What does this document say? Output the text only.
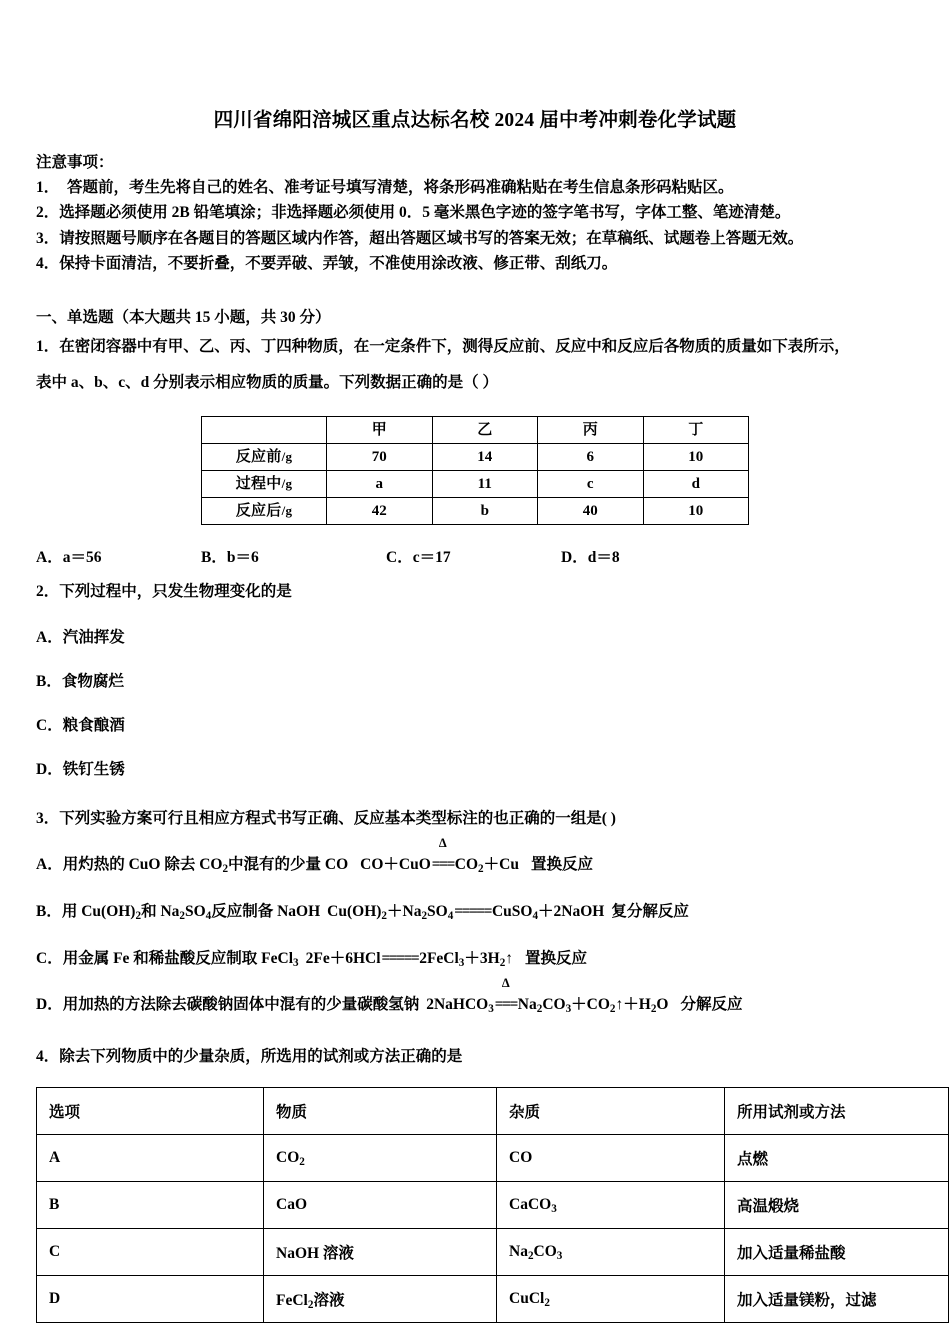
四川省绵阳涪城区重点达标名校 2024 届中考冲刺卷化学试题
注意事项：
1．  答题前，考生先将自己的姓名、准考证号填写清楚，将条形码准确粘贴在考生信息条形码粘贴区。
2．选择题必须使用 2B 铅笔填涂；非选择题必须使用 0．5 毫米黑色字迹的签字笔书写，字体工整、笔迹清楚。
3．请按照题号顺序在各题目的答题区域内作答，超出答题区域书写的答案无效；在草稿纸、试题卷上答题无效。
4．保持卡面清洁，不要折叠，不要弄破、弄皱，不准使用涂改液、修正带、刮纸刀。
一、单选题（本大题共 15 小题，共 30 分）
1．在密闭容器中有甲、乙、丙、丁四种物质，在一定条件下，测得反应前、反应中和反应后各物质的质量如下表所示，
表中 a、b、c、d 分别表示相应物质的质量。下列数据正确的是（ ）
	甲	乙	丙	丁
反应前/g	70	14	6	10
过程中/g	a	11	c	d
反应后/g	42	b	40	10
A．a＝56	B．b＝6	C．c＝17	D．d＝8
2．下列过程中，只发生物理变化的是
A．汽油挥发
B．食物腐烂
C．粮食酿酒
D．铁钉生锈
3．下列实验方案可行且相应方程式书写正确、反应基本类型标注的也正确的一组是( )
A．用灼热的 CuO 除去 $CO_2$中混有的少量 CO CO＋CuO
Δ
$===CO_2+Cu$ 置换反应
B．用 $Cu(OH)_2$和 $Na_2SO_4$反应制备 NaOH $Cu(OH)_2+Na_2SO_4=====CuSO_4+2NaOH$ 复分解反应
C．用金属 Fe 和稀盐酸反应制取 FeCl$_3$ $2Fe+6HCl=====2FeCl_3+3H_2↑$ 置换反应
D．用加热的方法除去碳酸钠固体中混有的少量碳酸氢钠 2NaHCO$_3$
Δ
$===Na_2CO_3+CO_2↑+H_2O$ 分解反应
4．除去下列物质中的少量杂质，所选用的试剂或方法正确的是
选项	物质	杂质	所用试剂或方法
A	$CO_2$	CO	点燃
B	CaO	CaCO$_3$	高温煅烧
C	NaOH 溶液	$Na_2CO_3$	加入适量稀盐酸
D	FeCl$_2$溶液	CuCl$_2$	加入适量镁粉，过滤
